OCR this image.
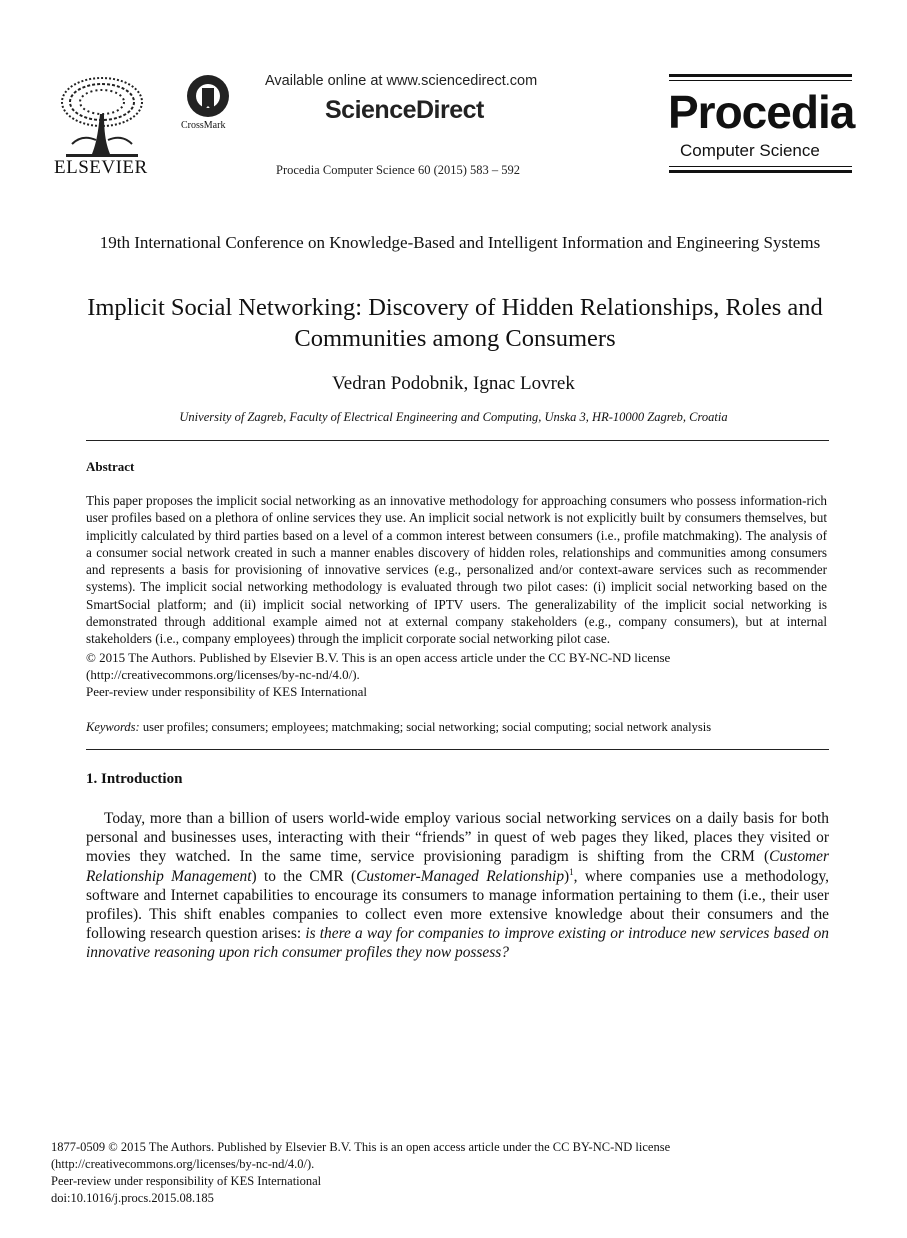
ELSEVIER
CrossMark
Available online at www.sciencedirect.com
ScienceDirect
Procedia Computer Science 60 (2015) 583 – 592
Procedia
Computer Science
19th International Conference on Knowledge-Based and Intelligent Information and Engineering Systems
Implicit Social Networking: Discovery of Hidden Relationships, Roles and Communities among Consumers
Vedran Podobnik, Ignac Lovrek
University of Zagreb, Faculty of Electrical Engineering and Computing, Unska 3, HR-10000 Zagreb, Croatia
Abstract

This paper proposes the implicit social networking as an innovative methodology for approaching consumers who possess information-rich user profiles based on a plethora of online services they use. An implicit social network is not explicitly built by consumers themselves, but implicitly calculated by third parties based on a level of a common interest between consumers (i.e., profile matchmaking). The analysis of a consumer social network created in such a manner enables discovery of hidden roles, relationships and communities among consumers and represents a basis for provisioning of innovative services (e.g., personalized and/or context-aware services such as recommender systems). The implicit social networking methodology is evaluated through two pilot cases: (i) implicit social networking based on the SmartSocial platform; and (ii) implicit social networking of IPTV users. The generalizability of the implicit social networking is demonstrated through additional example aimed not at external company stakeholders (e.g., company consumers), but at internal stakeholders (i.e., company employees) through the implicit corporate social networking pilot case.

© 2015 The Authors. Published by Elsevier B.V. This is an open access article under the CC BY-NC-ND license
(http://creativecommons.org/licenses/by-nc-nd/4.0/).
Peer-review under responsibility of KES International
Keywords: user profiles; consumers; employees; matchmaking; social networking; social computing; social network analysis
1. Introduction

Today, more than a billion of users world-wide employ various social networking services on a daily basis for both personal and businesses uses, interacting with their “friends” in quest of web pages they liked, places they visited or movies they watched. In the same time, service provisioning paradigm is shifting from the CRM (Customer Relationship Management) to the CMR (Customer-Managed Relationship)$^1$, where companies use a methodology, software and Internet capabilities to encourage its consumers to manage information pertaining to them (i.e., their user profiles). This shift enables companies to collect even more extensive knowledge about their consumers and the following research question arises: is there a way for companies to improve existing or introduce new services based on innovative reasoning upon rich consumer profiles they now possess?

1877-0509 © 2015 The Authors. Published by Elsevier B.V. This is an open access article under the CC BY-NC-ND license
(http://creativecommons.org/licenses/by-nc-nd/4.0/).
Peer-review under responsibility of KES International
doi:10.1016/j.procs.2015.08.185
